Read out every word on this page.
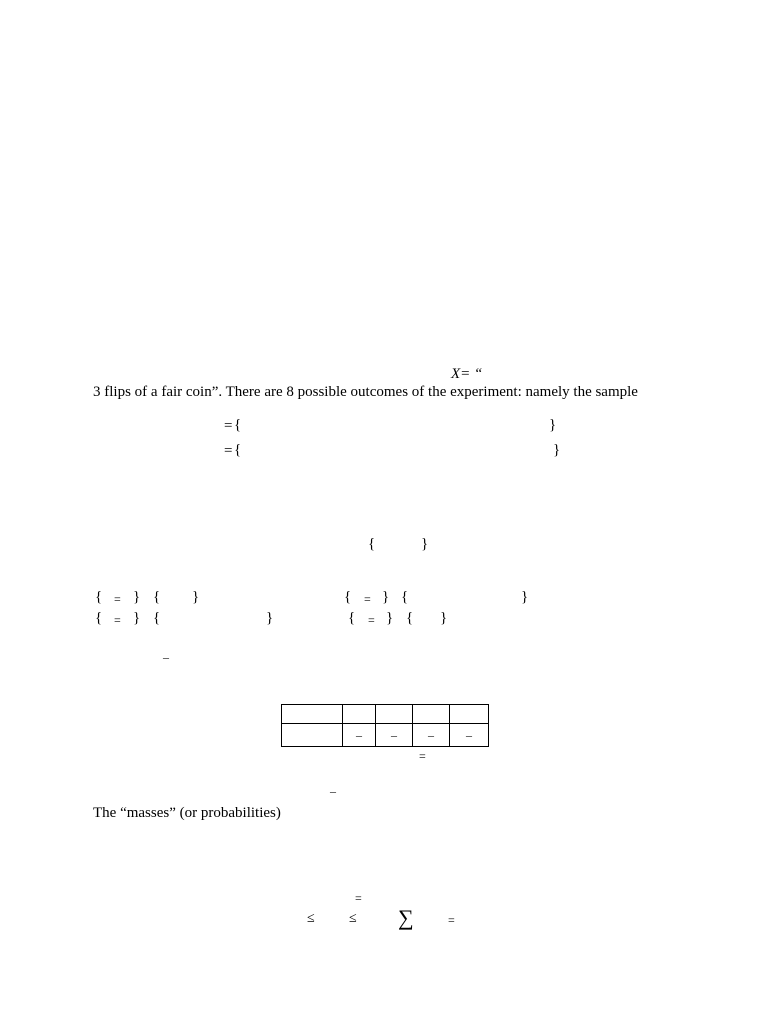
X= “
3 flips of a fair coin”. There are 8 possible outcomes of the experiment: namely the sample
= {	}
= {	}
{	}
{ = } { }	{ = } {	}
{ = } {	}	{ = } { }
–

	–	–	–	–
=
–
The “masses” (or probabilities)
=
≤ ≤ ∑	=
